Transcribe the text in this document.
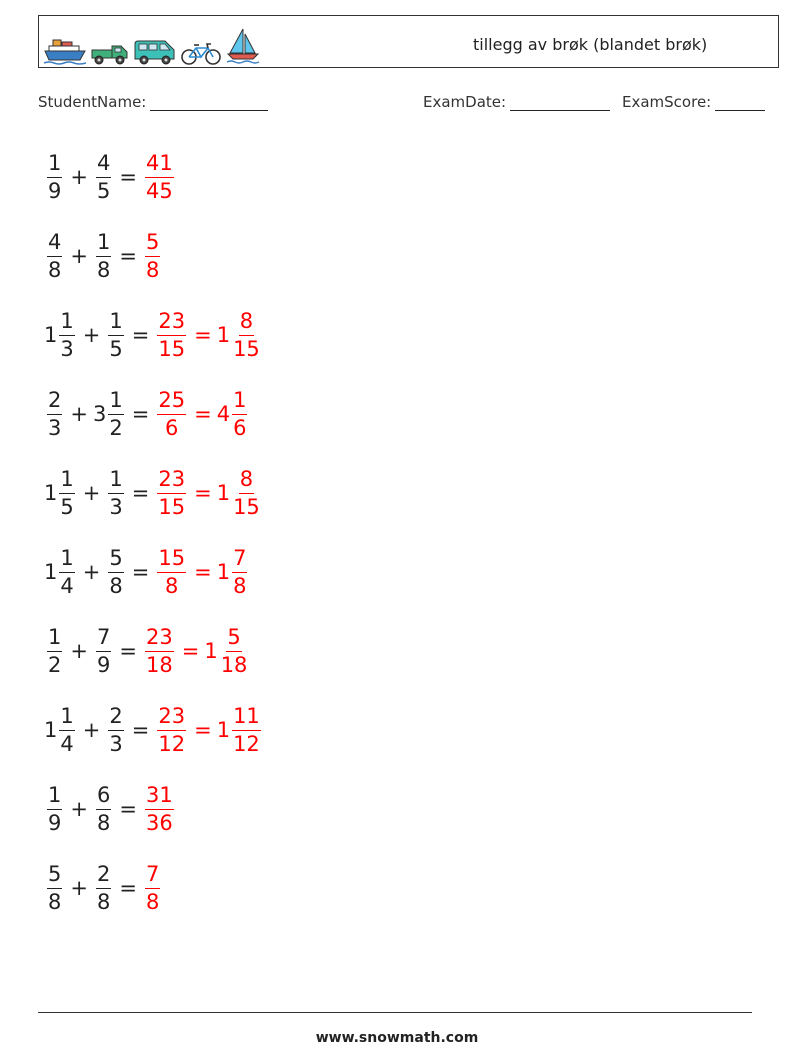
tillegg av brøk (blandet brøk)
StudentName:	ExamDate:	ExamScore:
$\frac{1}{9} + \frac{4}{5} = \frac{41}{45}$
$\frac{4}{8} + \frac{1}{8} = \frac{5}{8}$
$1 \frac{1}{3} + \frac{1}{5} = \frac{23}{15} = 1 \frac{8}{15}$
$\frac{2}{3} + 3 \frac{1}{2} = \frac{25}{6} = 4 \frac{1}{6}$
$1 \frac{1}{5} + \frac{1}{3} = \frac{23}{15} = 1 \frac{8}{15}$
$1 \frac{1}{4} + \frac{5}{8} = \frac{15}{8} = 1 \frac{7}{8}$
$\frac{1}{2} + \frac{7}{9} = \frac{23}{18} = 1 \frac{5}{18}$
$1 \frac{1}{4} + \frac{2}{3} = \frac{23}{12} = 1 \frac{11}{12}$
$\frac{1}{9} + \frac{6}{8} = \frac{31}{36}$
$\frac{5}{8} + \frac{2}{8} = \frac{7}{8}$
www.snowmath.com
